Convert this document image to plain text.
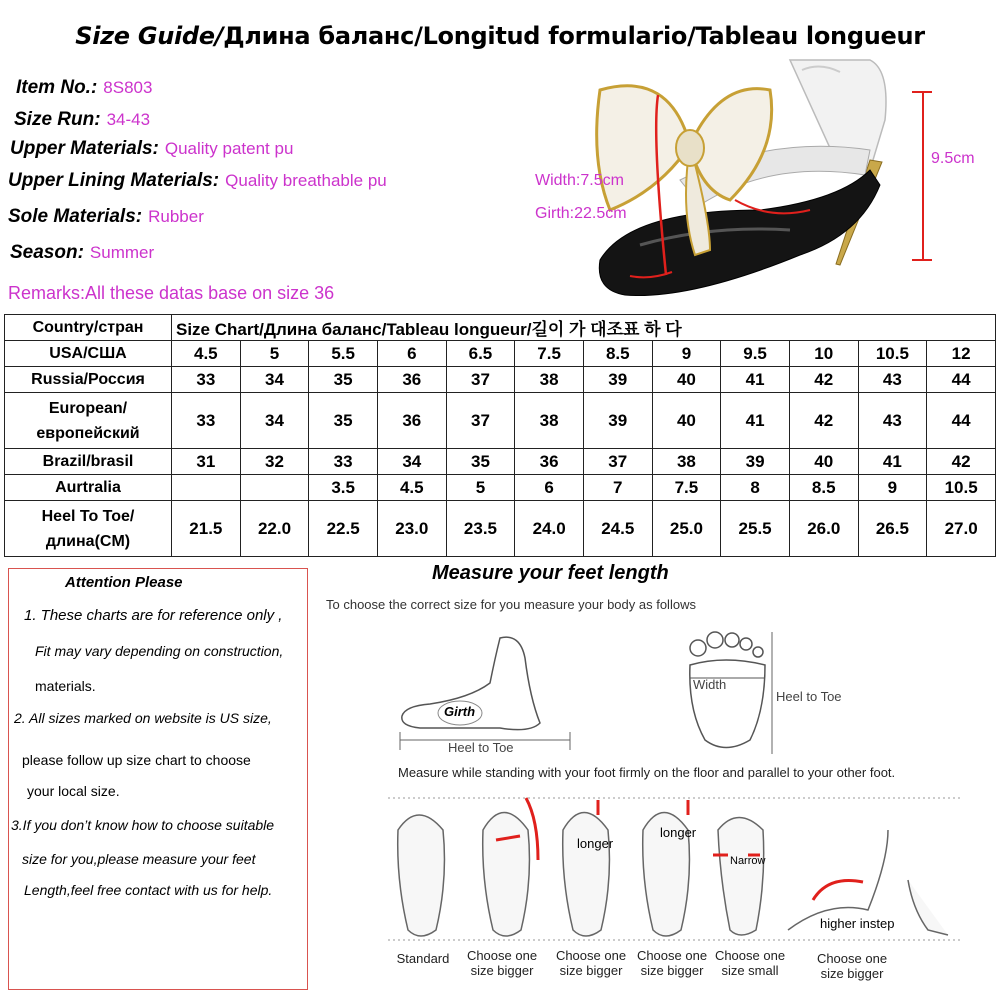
Size Guide/Длина баланс/Longitud formulario/Tableau longueur
Item No.: 8S803
Size Run: 34-43
Upper Materials: Quality patent pu
Upper Lining Materials: Quality breathable pu
Sole Materials: Rubber
Season: Summer
Remarks:All these datas base on size 36
Width:7.5cm
Girth:22.5cm
9.5cm
Country/стран	Size Chart/Длина баланс/Tableau longueur/길이 가 대조표 하 다											
USA/США	4.5	5	5.5	6	6.5	7.5	8.5	9	9.5	10	10.5	12
Russia/Россия	33	34	35	36	37	38	39	40	41	42	43	44
European/европейский	33	34	35	36	37	38	39	40	41	42	43	44
Brazil/brasil	31	32	33	34	35	36	37	38	39	40	41	42
Aurtralia			3.5	4.5	5	6	7	7.5	8	8.5	9	10.5
Heel To Toe/длина(CM)	21.5	22.0	22.5	23.0	23.5	24.0	24.5	25.0	25.5	26.0	26.5	27.0
Attention Please
1. These charts are for reference only ,
Fit may vary depending on construction,
materials.
2. All sizes marked on website is US size,
please follow up size chart to choose
your local size.
3.If you don’t know how to choose suitable
size for you,please measure your feet
Length,feel free contact with us for help.
Measure your feet length
To choose the correct size for you measure your body as follows
Girth
Heel to Toe
Width
Heel to Toe
Measure while standing with your foot firmly on the floor and parallel to your other foot.
longer
longer
Narrow
higher instep
Standard	Choose one size bigger
Choose one size bigger
Choose one size bigger
Choose one size small
Choose one size bigger
